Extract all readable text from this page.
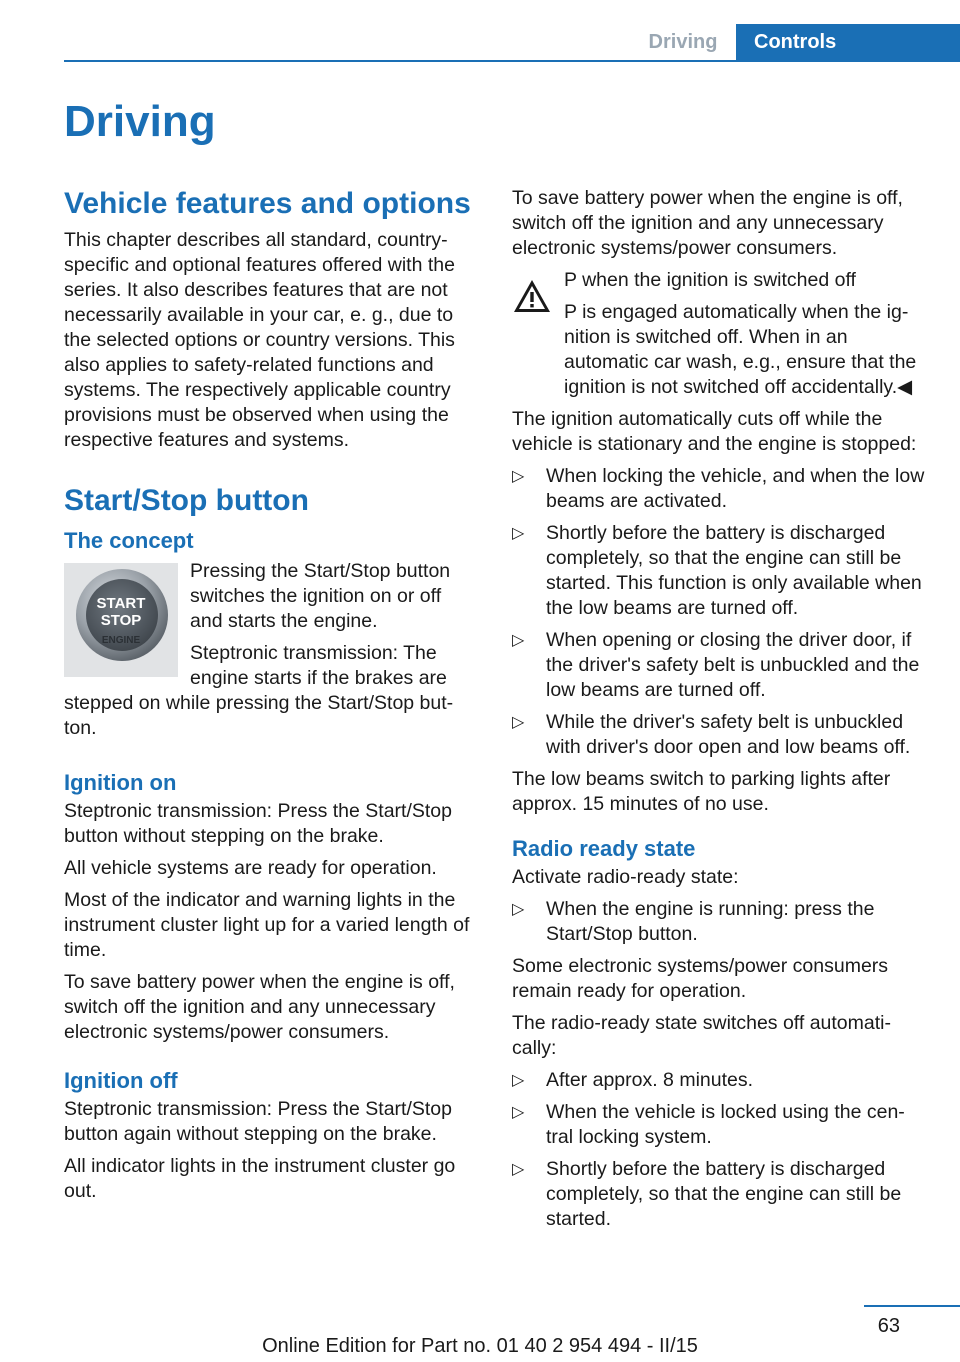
Driving	Controls
Driving
Vehicle features and options

This chapter describes all standard, country-specific and optional features offered with the series. It also describes features that are not necessarily available in your car, e. g., due to the selected options or country versions. This also applies to safety-related functions and systems. The respectively applicable country provisions must be observed when using the respective features and systems.

Start/Stop button
The concept
START
STOP
ENGINE

Pressing the Start/Stop button switches the ignition on or off and starts the engine.

Steptronic transmission: The engine starts if the brakes are stepped on while pressing the Start/Stop but‐ton.

Ignition on

Steptronic transmission: Press the Start/Stop button without stepping on the brake.

All vehicle systems are ready for operation.

Most of the indicator and warning lights in the instrument cluster light up for a varied length of time.

To save battery power when the engine is off, switch off the ignition and any unnecessary electronic systems/power consumers.

Ignition off

Steptronic transmission: Press the Start/Stop button again without stepping on the brake.

All indicator lights in the instrument cluster go out.

To save battery power when the engine is off, switch off the ignition and any unnecessary electronic systems/power consumers.

P when the ignition is switched off

P is engaged automatically when the ig‐nition is switched off. When in an automatic car wash, e.g., ensure that the ignition is not switched off accidentally.◀

The ignition automatically cuts off while the vehicle is stationary and the engine is stopped:

▷ When locking the vehicle, and when the low beams are activated.
▷ Shortly before the battery is discharged completely, so that the engine can still be started. This function is only available when the low beams are turned off.
▷ When opening or closing the driver door, if the driver's safety belt is unbuckled and the low beams are turned off.
▷ While the driver's safety belt is unbuckled with driver's door open and low beams off.

The low beams switch to parking lights after approx. 15 minutes of no use.

Radio ready state

Activate radio-ready state:

▷ When the engine is running: press the Start/Stop button.

Some electronic systems/power consumers remain ready for operation.

The radio-ready state switches off automati‐cally:

▷ After approx. 8 minutes.
▷ When the vehicle is locked using the cen‐tral locking system.
▷ Shortly before the battery is discharged completely, so that the engine can still be started.
63
Online Edition for Part no. 01 40 2 954 494 - II/15
